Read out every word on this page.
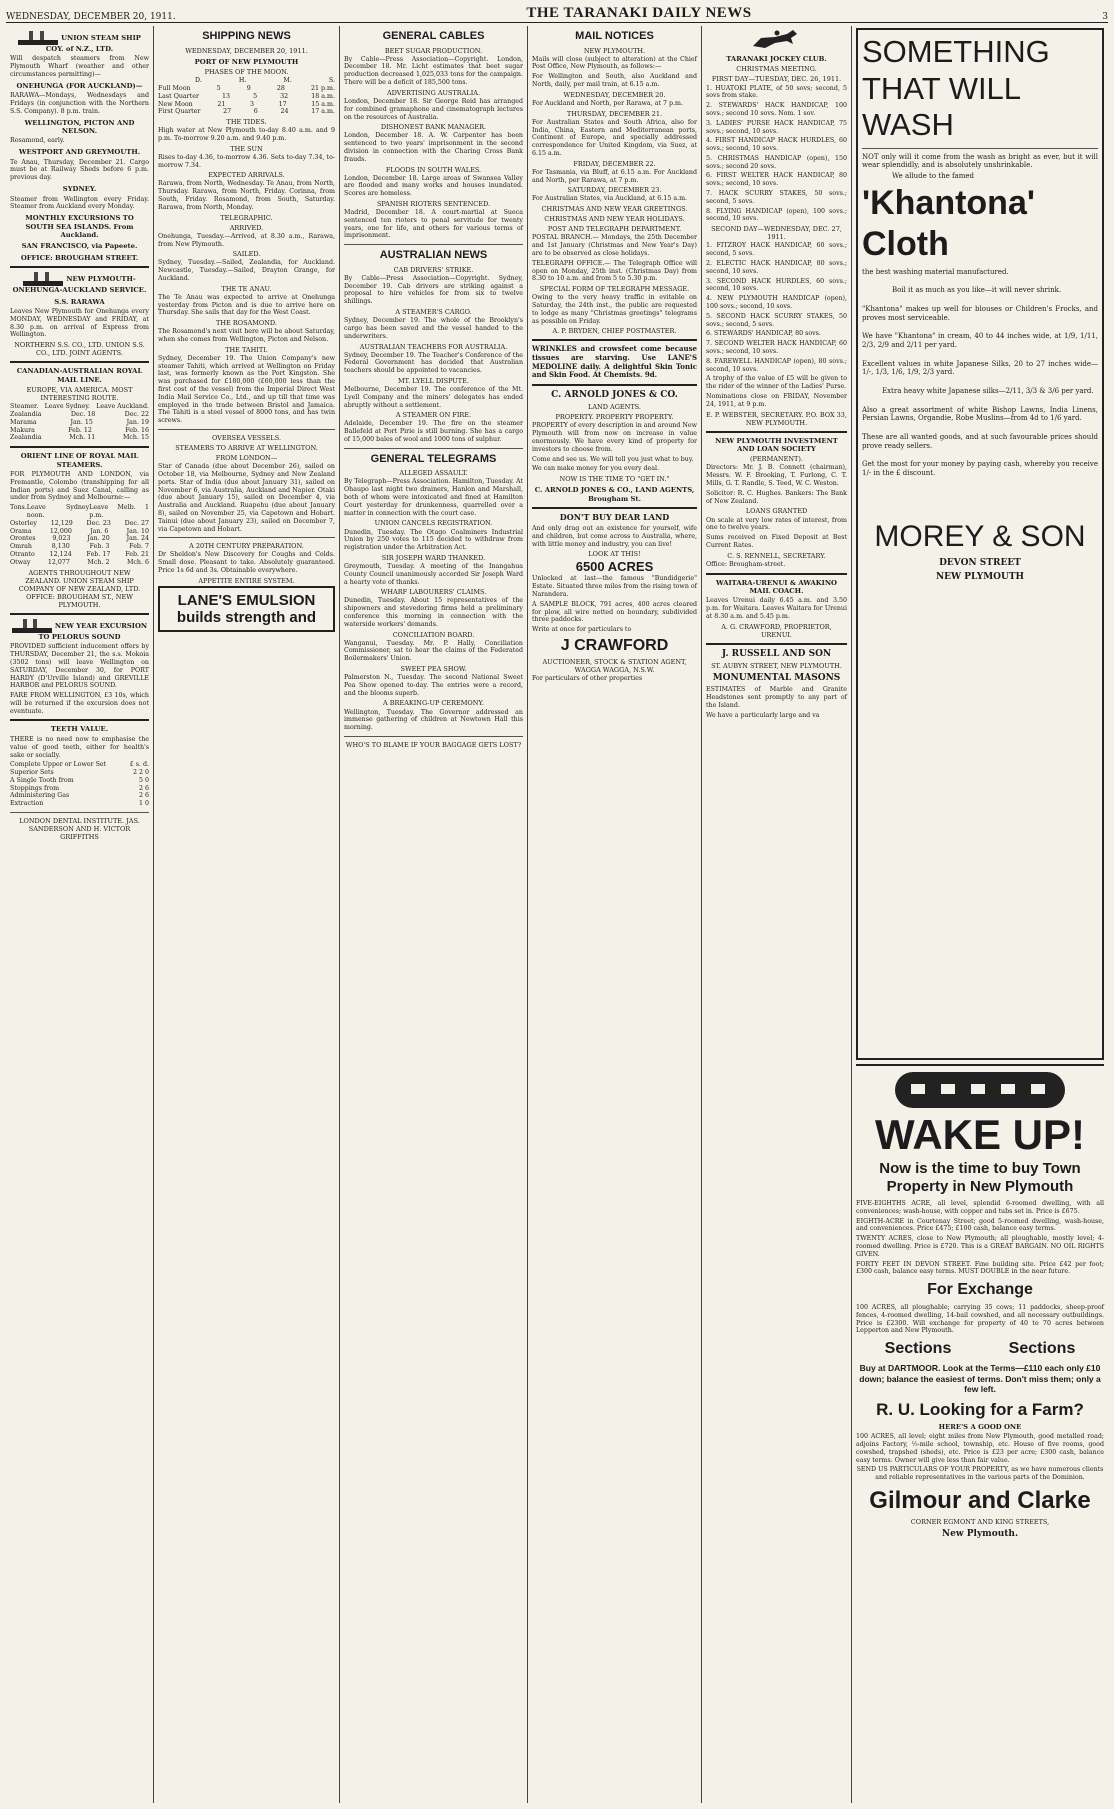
WEDNESDAY, DECEMBER 20, 1911.	THE TARANAKI DAILY NEWS	3
UNION STEAM SHIP COY. of N.Z., LTD.

Will despatch steamers from New Plymouth Wharf (weather and other circumstances permitting)—

ONEHUNGA (FOR AUCKLAND)—

RARAWA—Mondays, Wednesdays and Fridays (in conjunction with the Northern S.S. Company). 8 p.m. train.

WELLINGTON, PICTON AND NELSON.

Rosamond, early.

WESTPORT AND GREYMOUTH.

Te Anau, Thursday, December 21. Cargo must be at Railway Sheds before 6 p.m. previous day.

SYDNEY.

Steamer from Wellington every Friday. Steamer from Auckland every Monday.

MONTHLY EXCURSIONS TO SOUTH SEA ISLANDS. From Auckland.
SAN FRANCISCO, via Papeete.
OFFICE: BROUGHAM STREET.
NEW PLYMOUTH-ONEHUNGA-AUCKLAND SERVICE.
S.S. RARAWA

Leaves New Plymouth for Onehunga every MONDAY, WEDNESDAY and FRIDAY, at 8.30 p.m. on arrival of Express from Wellington.

NORTHERN S.S. CO., LTD. UNION S.S. CO., LTD. JOINT AGENTS.

CANADIAN-AUSTRALIAN ROYAL MAIL LINE.
EUROPE, VIA AMERICA. MOST INTERESTING ROUTE.
Steamer. Leave Sydney. Leave Auckland.
Zealandia	Dec. 18	Dec. 22
Marama	Jan. 15	Jan. 19
Makura	Feb. 12	Feb. 16
Zealandia	Mch. 11	Mch. 15
ORIENT LINE OF ROYAL MAIL STEAMERS.

FOR PLYMOUTH AND LONDON, via Fremantle, Colombo (transhipping for all Indian ports) and Suez Canal, calling as under from Sydney and Melbourne:—

Tons. Leave Sydney noon.
Leave Melb. 1 p.m.
Osterley 12,129 Dec. 23 Dec. 27
Orama	12,000	Jan. 6	Jan. 10
Orontes	9,023	Jan. 20	Jan. 24
Omrah	8,130	Feb. 3	Feb. 7
Otranto 12,124 Feb. 17 Feb. 21
Otway	12,077	Mch. 2	Mch. 6

AGENTS THROUGHOUT NEW ZEALAND. UNION STEAM SHIP COMPANY OF NEW ZEALAND, LTD. OFFICE: BROUGHAM ST., NEW PLYMOUTH.

NEW YEAR EXCURSION TO PELORUS SOUND

PROVIDED sufficient inducement offers by THURSDAY, December 21, the s.s. Mokoia (3502 tons) will leave Wellington on SATURDAY, December 30, for PORT HARDY (D'Urville Island) and GREVILLE HARBOR and PELORUS SOUND.

FARE FROM WELLINGTON, £3 10s, which will be returned if the excursion does not eventuate.

TEETH VALUE.

THERE is no need now to emphasise the value of good teeth, either for health's sake or socially.

Complete Upper or Lower Set	£ s. d.
Superior Sets	2 2 0
A Single Tooth from	5 0
Stoppings from	2 6
Administering Gas	2 6
Extraction	1 0

LONDON DENTAL INSTITUTE. JAS. SANDERSON AND H. VICTOR GRIFFITHS

SHIPPING NEWS
WEDNESDAY, DECEMBER 20, 1911.
PORT OF NEW PLYMOUTH
PHASES OF THE MOON.
D.	H.	M.	S.
Full Moon	5	9	28	21 p.m.
Last Quarter	13	5	32	18 a.m.
New Moon	21	3	17	15 a.m.
First Quarter	27	6	24	17 a.m.
THE TIDES.

High water at New Plymouth to-day 8.40 a.m. and 9 p.m. To-morrow 9.20 a.m. and 9.40 p.m.

THE SUN

Rises to-day 4.36, to-morrow 4.36. Sets to-day 7.34, to-morrow 7.34.

EXPECTED ARRIVALS.

Rarawa, from North, Wednesday. Te Anau, from North, Thursday. Rarawa, from North, Friday. Corinna, from South, Friday. Rosamond, from South, Saturday. Rarawa, from North, Monday.

TELEGRAPHIC.
ARRIVED.

Onehunga, Tuesday.—Arrived, at 8.30 a.m., Rarawa, from New Plymouth.

SAILED.

Sydney, Tuesday.—Sailed, Zealandia, for Auckland. Newcastle, Tuesday.—Sailed, Drayton Grange, for Auckland.

THE TE ANAU.

The Te Anau was expected to arrive at Onehunga yesterday from Picton and is due to arrive here on Thursday. She sails that day for the West Coast.

THE ROSAMOND.

The Rosamond's next visit here will be about Saturday, when she comes from Wellington, Picton and Nelson.

THE TAHITI.

Sydney, December 19. The Union Company's new steamer Tahiti, which arrived at Wellington on Friday last, was formerly known as the Port Kingston. She was purchased for £180,000 (£60,000 less than the first cost of the vessel) from the Imperial Direct West India Mail Service Co., Ltd., and up till that time was employed in the trade between Bristol and Jamaica. The Tahiti is a steel vessel of 8000 tons, and has twin screws.

OVERSEA VESSELS.
STEAMERS TO ARRIVE AT WELLINGTON.
FROM LONDON—

Star of Canada (due about December 26), sailed on October 18, via Melbourne, Sydney and New Zealand ports. Star of India (due about January 31), sailed on November 6, via Australia, Auckland and Napier. Otaki (due about January 15), sailed on December 4, via Australia and Auckland. Ruapehu (due about January 8), sailed on November 25, via Capetown and Hobart. Tainui (due about January 23), sailed on December 7, via Capetown and Hobart.

A 20TH CENTURY PREPARATION.

Dr Sheldon's New Discovery for Coughs and Colds. Small dose. Pleasant to take. Absolutely guaranteed. Price 1s 6d and 3s. Obtainable everywhere.

APPETITE ENTIRE SYSTEM.
LANE'S EMULSION builds strength and
GENERAL CABLES
BEET SUGAR PRODUCTION.

By Cable—Press Association—Copyright. London, December 18. Mr. Licht estimates that beet sugar production decreased 1,025,033 tons for the campaign. There will be a deficit of 185,500 tons.

ADVERTISING AUSTRALIA.

London, December 18. Sir George Reid has arranged for combined gramaphone and cinematograph lectures on the resources of Australia.

DISHONEST BANK MANAGER.

London, December 18. A. W. Carpenter has been sentenced to two years' imprisonment in the second division in connection with the Charing Cross Bank frauds.

FLOODS IN SOUTH WALES.

London, December 18. Large areas of Swansea Valley are flooded and many works and houses inundated. Scores are homeless.

SPANISH RIOTERS SENTENCED.

Madrid, December 18. A court-martial at Sueca sentenced ten rioters to penal servitude for twenty years, one for life, and others for various terms of imprisonment.

AUSTRALIAN NEWS
CAB DRIVERS' STRIKE.

By Cable—Press Association—Copyright. Sydney, December 19. Cab drivers are striking against a proposal to hire vehicles for from six to twelve shillings.

A STEAMER'S CARGO.

Sydney, December 19. The whole of the Brooklyn's cargo has been saved and the vessel handed to the underwriters.

AUSTRALIAN TEACHERS FOR AUSTRALIA.

Sydney, December 19. The Teacher's Conference of the Federal Government has decided that Australian teachers should be appointed to vacancies.

MT. LYELL DISPUTE.

Melbourne, December 19. The conference of the Mt. Lyell Company and the miners' delegates has ended abruptly without a settlement.

A STEAMER ON FIRE.

Adelaide, December 19. The fire on the steamer Ballefeld at Port Pirie is still burning. She has a cargo of 15,000 bales of wool and 1000 tons of sulphur.

GENERAL TELEGRAMS
ALLEGED ASSAULT.

By Telegraph—Press Association. Hamilton, Tuesday. At Ohaupo last night two drainers, Hanlon and Marshall, both of whom were intoxicated and fined at Hamilton Court yesterday for drunkenness, quarrelled over a matter in connection with the court case.

UNION CANCELS REGISTRATION.

Dunedin, Tuesday. The Otago Coalminers Industrial Union by 250 votes to 115 decided to withdraw from registration under the Arbitration Act.

SIR JOSEPH WARD THANKED.

Greymouth, Tuesday. A meeting of the Inangahua County Council unanimously accorded Sir Joseph Ward a hearty vote of thanks.

WHARF LABOURERS' CLAIMS.

Dunedin, Tuesday. About 15 representatives of the shipowners and stevedoring firms held a preliminary conference this morning in connection with the waterside workers' demands.

CONCILIATION BOARD.

Wanganui, Tuesday. Mr. P. Hally, Conciliation Commissioner, sat to hear the claims of the Federated Boilermakers' Union.

SWEET PEA SHOW.

Palmerston N., Tuesday. The second National Sweet Pea Show opened to-day. The entries were a record, and the blooms superb.

A BREAKING-UP CEREMONY.

Wellington, Tuesday. The Governor addressed an immense gathering of children at Newtown Hall this morning.

WHO'S TO BLAME IF YOUR BAGGAGE GETS LOST?
MAIL NOTICES
NEW PLYMOUTH.

Mails will close (subject to alteration) at the Chief Post Office, New Plymouth, as follows:—

For Wellington and South, also Auckland and North, daily, per mail train, at 6.15 a.m.

WEDNESDAY, DECEMBER 20.

For Auckland and North, per Rarawa, at 7 p.m.

THURSDAY, DECEMBER 21.

For Australian States and South Africa, also for India, China, Eastern and Mediterranean ports, Continent of Europe, and specially addressed correspondence for United Kingdom, via Suez, at 6.15 a.m.

FRIDAY, DECEMBER 22.

For Tasmania, via Bluff, at 6.15 a.m. For Auckland and North, per Rarawa, at 7 p.m.

SATURDAY, DECEMBER 23.

For Australian States, via Auckland, at 6.15 a.m.

CHRISTMAS AND NEW YEAR GREETINGS.
CHRISTMAS AND NEW YEAR HOLIDAYS.
POST AND TELEGRAPH DEPARTMENT.

POSTAL BRANCH.— Mondays, the 25th December and 1st January (Christmas and New Year's Day) are to be observed as close holidays.

TELEGRAPH OFFICE.— The Telegraph Office will open on Monday, 25th inst. (Christmas Day) from 8.30 to 10 a.m. and from 5 to 5.30 p.m.

SPECIAL FORM OF TELEGRAPH MESSAGE.

Owing to the very heavy traffic in evitable on Saturday, the 24th inst., the public are requested to lodge as many "Christmas greetings" telegrams as possible on Friday.

A. P. BRYDEN, CHIEF POSTMASTER.

WRINKLES and crowsfeet come because tissues are starving. Use LANE'S MEDOLINE daily. A delightful Skin Tonic and Skin Food. At Chemists. 9d.

C. ARNOLD JONES & CO.
LAND AGENTS.
PROPERTY. PROPERTY PROPERTY.

PROPERTY of every description in and around New Plymouth will from now on increase in value enormously. We have every kind of property for investors to choose from.

Come and see us. We will tell you just what to buy.

We can make money for you every deal.

NOW IS THE TIME TO "GET IN."
C. ARNOLD JONES & CO., LAND AGENTS, Brougham St.
DON'T BUY DEAR LAND

And only drag out an existence for yourself, wife and children, but come across to Australia, where, with little money and industry, you can live!

LOOK AT THIS!
6500 ACRES

Unlocked at last—the famous "Bundidgerie" Estate. Situated three miles from the rising town of Narandera.

A SAMPLE BLOCK, 791 acres, 400 acres cleared for plow, all wire netted on boundary, subdivided three paddocks.

Write at once for particulars to

J CRAWFORD
AUCTIONEER, STOCK & STATION AGENT, WAGGA WAGGA, N.S.W.

For particulars of other properties

TARANAKI JOCKEY CLUB.
CHRISTMAS MEETING.
FIRST DAY—TUESDAY, DEC. 26, 1911.

1. HUATOKI PLATE, of 50 sovs; second, 5 sovs from stake.

2. STEWARDS' HACK HANDICAP, 100 sovs.; second 10 sovs. Nom. 1 sov.

3. LADIES' PURSE HACK HANDICAP, 75 sovs.; second, 10 sovs.

4. FIRST HANDICAP HACK HURDLES, 60 sovs.; second, 10 sovs.

5. CHRISTMAS HANDICAP (open), 150 sovs.; second 20 sovs.

6. FIRST WELTER HACK HANDICAP, 80 sovs.; second, 10 sovs.

7. HACK SCURRY STAKES, 50 sovs.; second, 5 sovs.

8. FLYING HANDICAP (open), 100 sovs.; second, 10 sovs.

SECOND DAY—WEDNESDAY, DEC. 27, 1911.

1. FITZROY HACK HANDICAP, 60 sovs.; second, 5 sovs.

2. ELECTIC HACK HANDICAP, 80 sovs.; second, 10 sovs.

3. SECOND HACK HURDLES, 60 sovs.; second, 10 sovs.

4. NEW PLYMOUTH HANDICAP (open), 100 sovs.; second, 10 sovs.

5. SECOND HACK SCURRY STAKES, 50 sovs.; second, 5 sovs.

6. STEWARDS' HANDICAP, 80 sovs.

7. SECOND WELTER HACK HANDICAP, 60 sovs.; second, 10 sovs.

8. FAREWELL HANDICAP (open), 80 sovs.; second, 10 sovs.

A trophy of the value of £5 will be given to the rider of the winner of the Ladies' Purse.

Nominations close on FRIDAY, November 24, 1911, at 9 p.m.

E. P. WEBSTER, SECRETARY. P.O. BOX 33, NEW PLYMOUTH.

NEW PLYMOUTH INVESTMENT AND LOAN SOCIETY
(PERMANENT).

Directors: Mr. J. B. Connett (chairman), Messrs. W. F. Brooking, T. Furlong, C. T. Mills, G. T. Randle, S. Teed, W. C. Weston.

Solicitor: R. C. Hughes. Bankers: The Bank of New Zealand.

LOANS GRANTED

On scale at very low rates of interest, from one to twelve years.

Sums received on Fixed Deposit at Best Current Rates.

C. S. RENNELL, SECRETARY.

Office: Brougham-street.

WAITARA-URENUI & AWAKINO MAIL COACH.

Leaves Urenui daily 6.45 a.m. and 3.50 p.m. for Waitara. Leaves Waitara for Urenui at 8.30 a.m. and 5.45 p.m.

A. G. CRAWFORD, PROPRIETOR, URENUI.

J. RUSSELL AND SON
ST. AUBYN STREET, NEW PLYMOUTH.
MONUMENTAL MASONS

ESTIMATES of Marble and Granite Headstones sent promptly to any part of the Island.

We have a particularly large and va

SOMETHING
THAT WILL
WASH

NOT only will it come from the wash as bright as ever, but it will wear splendidly, and is absolutely unshrinkable.

We allude to the famed

'Khantona'
Cloth

the best washing material manufactured.

Boil it as much as you like—it will never shrink.

"Khantona" makes up well for blouses or Children's Frocks, and proves most serviceable.

We have "Khantona" in cream, 40 to 44 inches wide, at 1/9, 1/11, 2/3, 2/9 and 2/11 per yard.

Excellent values in white Japanese Silks, 20 to 27 inches wide—1/-, 1/3, 1/6, 1/9, 2/3 yard.

Extra heavy white Japanese silks—2/11, 3/3 & 3/6 per yard.

Also a great assortment of white Bishop Lawns, India Linens, Persian Lawns, Organdie, Robe Muslins—from 4d to 1/6 yard.

These are all wanted goods, and at such favourable prices should prove ready sellers.

Get the most for your money by paying cash, whereby you receive 1/- in the £ discount.

MOREY & SON
DEVON STREET
NEW PLYMOUTH
WAKE UP!
Now is the time to buy Town
Property in New Plymouth

FIVE-EIGHTHS ACRE, all level, splendid 6-roomed dwelling, with all conveniences; wash-house, with copper and tubs set in. Price is £675.

EIGHTH-ACRE in Courtenay Street; good 5-roomed dwelling, wash-house, and conveniences. Price £475; £100 cash, balance easy terms.

TWENTY ACRES, close to New Plymouth; all ploughable, mostly level; 4-roomed dwelling. Price is £720. This is a GREAT BARGAIN. NO OIL RIGHTS GIVEN.

FORTY FEET IN DEVON STREET. Fine building site. Price £42 per foot; £300 cash, balance easy terms. MUST DOUBLE in the near future.

For Exchange

100 ACRES, all ploughable; carrying 35 cows; 11 paddocks, sheep-proof fences, 4-roomed dwelling, 14-bail cowshed, and all necessary outbuildings. Price is £2300. Will exchange for property of 40 to 70 acres between Lepperton and New Plymouth.

Sections	Sections

Buy at DARTMOOR. Look at the Terms—£110 each only £10 down; balance the easiest of terms. Don't miss them; only a few left.

R. U. Looking for a Farm?
HERE'S A GOOD ONE

100 ACRES, all level; eight miles from New Plymouth, good metalled road; adjoins Factory, ½-mile school, township, etc. House of five rooms, good cowshed, trapshed (sheds), etc. Price is £23 per acre; £300 cash, balance easy terms. Owner will give less than fair value.

SEND US PARTICULARS OF YOUR PROPERTY, as we have numerous clients and reliable representatives in the various parts of the Dominion.

Gilmour and Clarke
CORNER EGMONT AND KING STREETS,
New Plymouth.
